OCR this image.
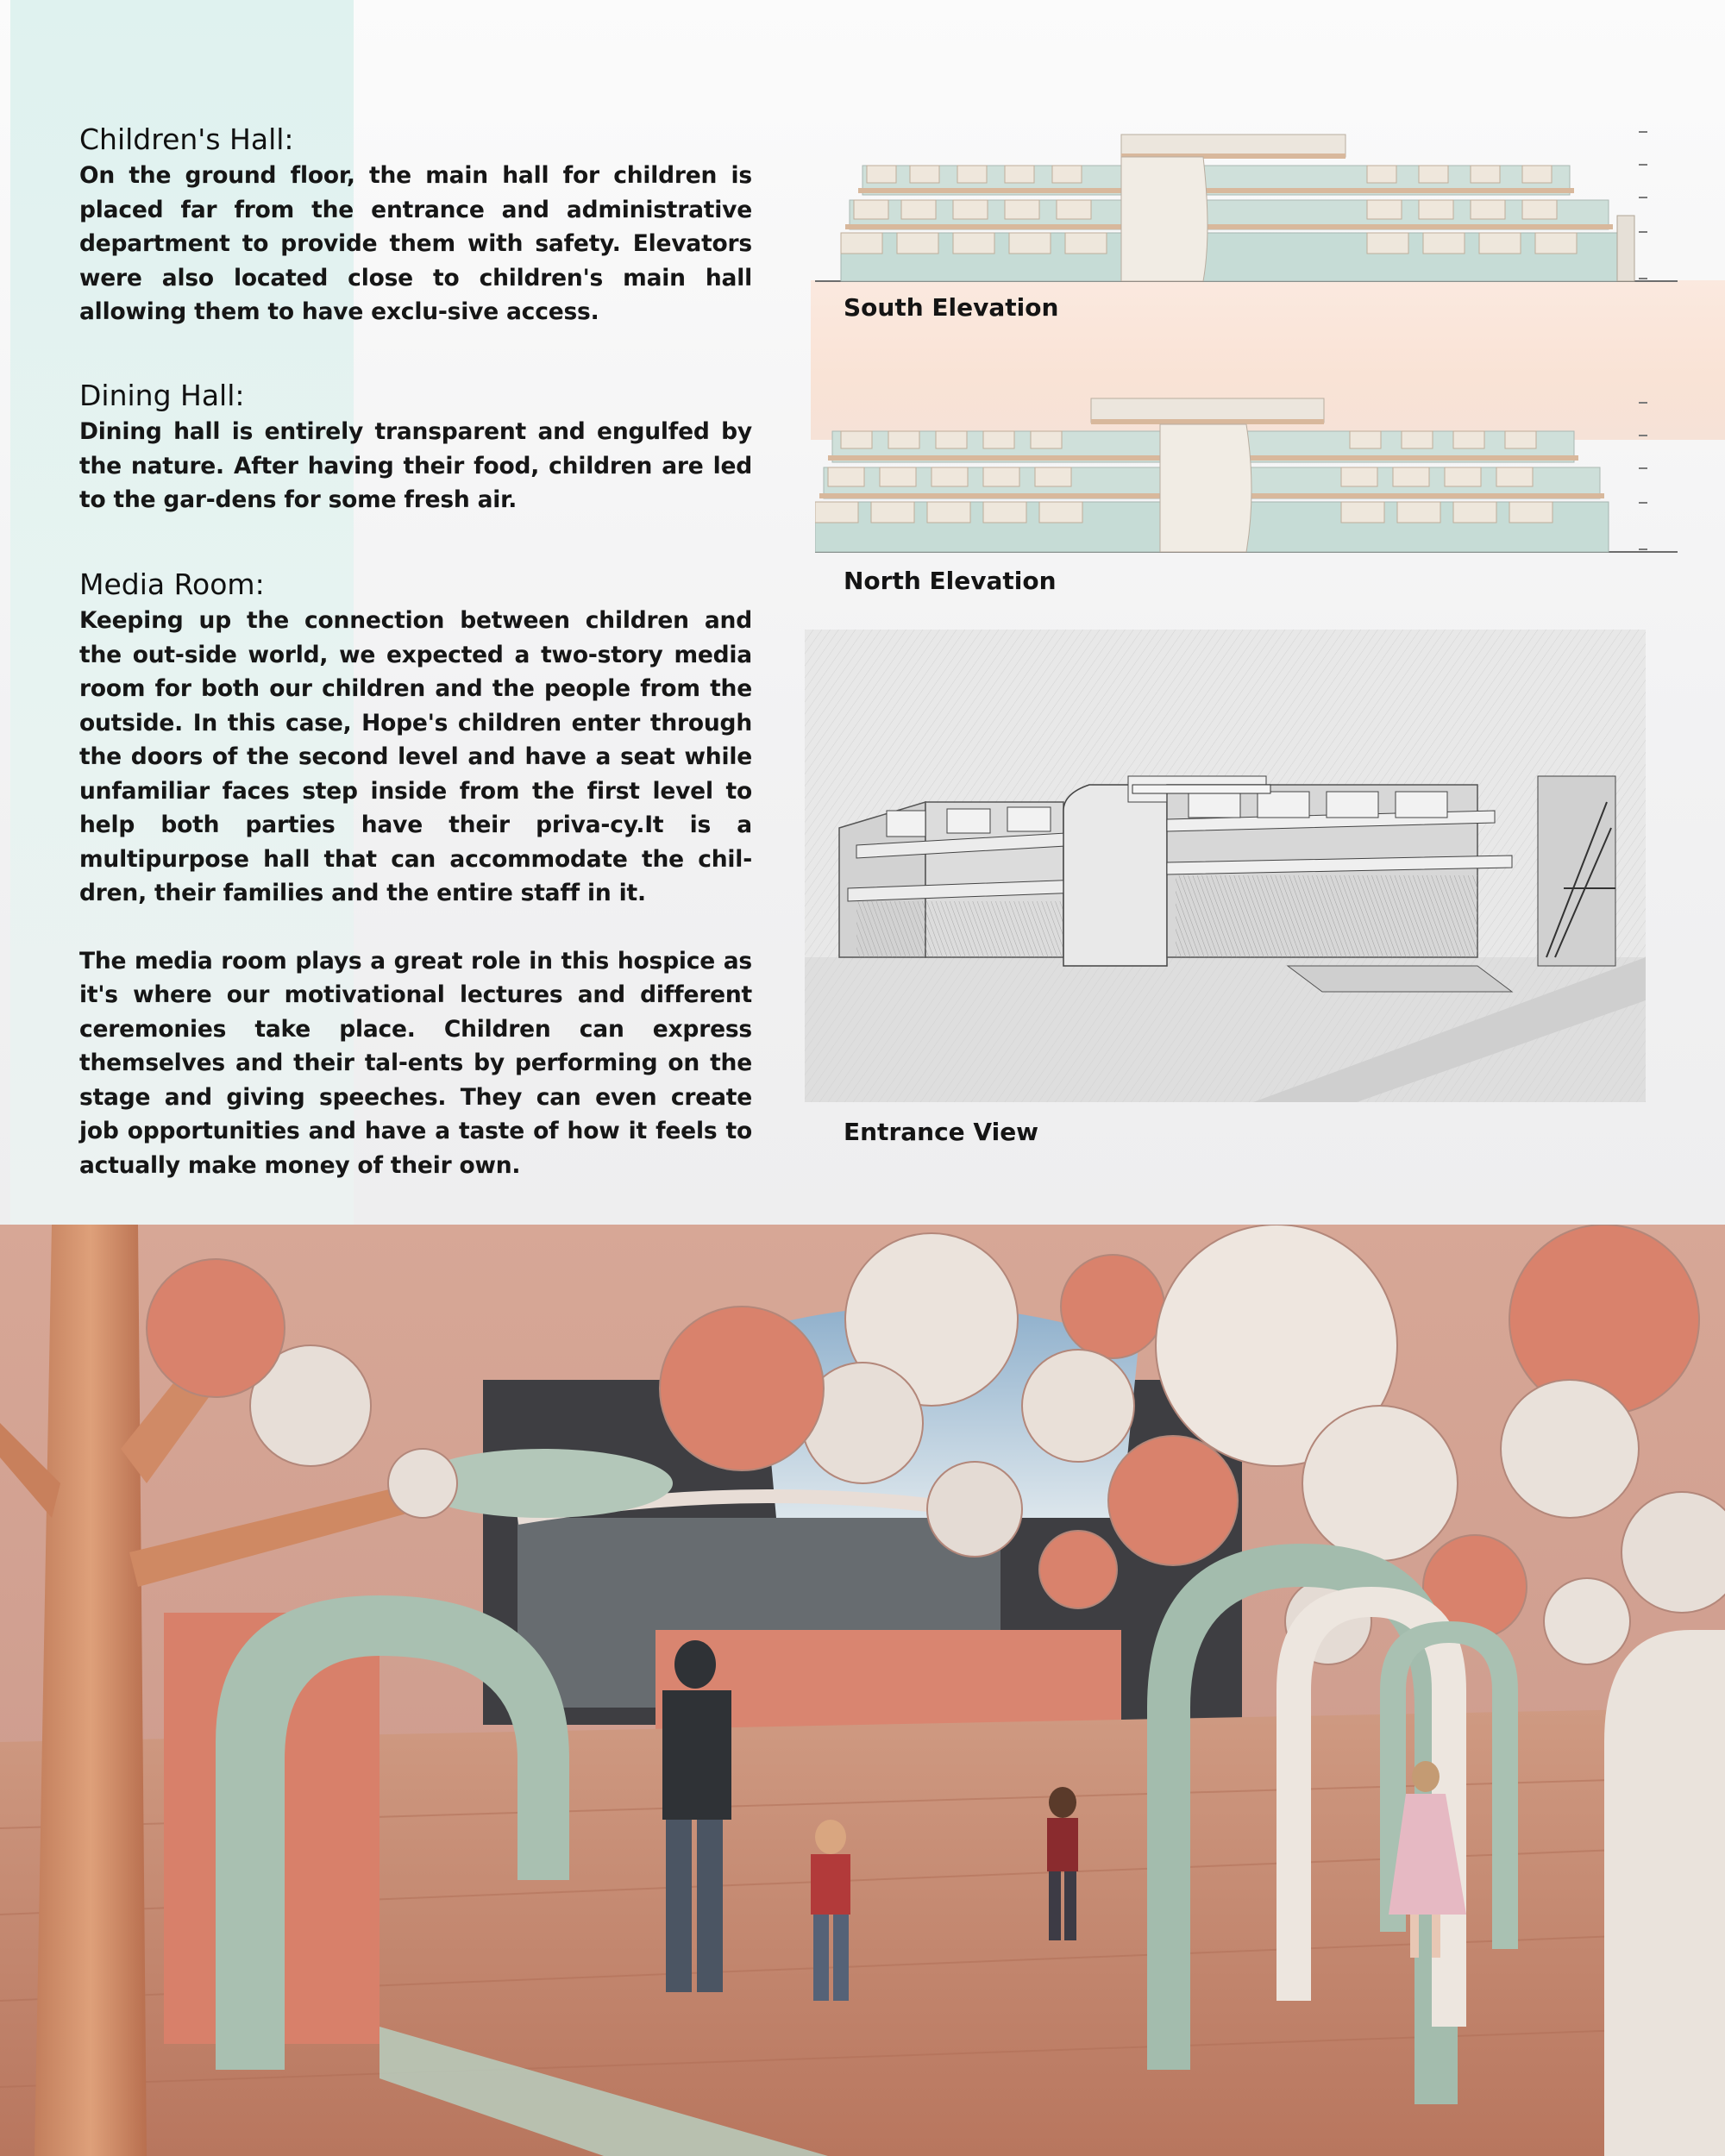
Children's Hall:

On the ground floor, the main hall for children is placed far from the entrance and administrative department to provide them with safety. Elevators were also located close to children's main hall allowing them to have exclu-sive access.

Dining Hall:

Dining hall is entirely transparent and engulfed by the nature. After having their food, children are led to the gar-dens for some fresh air.

Media Room:

Keeping up the connection between children and the out-side world, we expected a two-story media room for both our children and the people from the outside. In this case, Hope's children enter through the doors of the second level and have a seat while unfamiliar faces step inside from the first level to help both parties have their priva-cy.It is a multipurpose hall that can accommodate the chil-dren, their families and the entire staff in it.

The media room plays a great role in this hospice as it's where our motivational lectures and different ceremonies take place. Children can express themselves and their tal-ents by performing on the stage and giving speeches. They can even create job opportunities and have a taste of how it feels to actually make money of their own.

South Elevation
North Elevation
Entrance View
